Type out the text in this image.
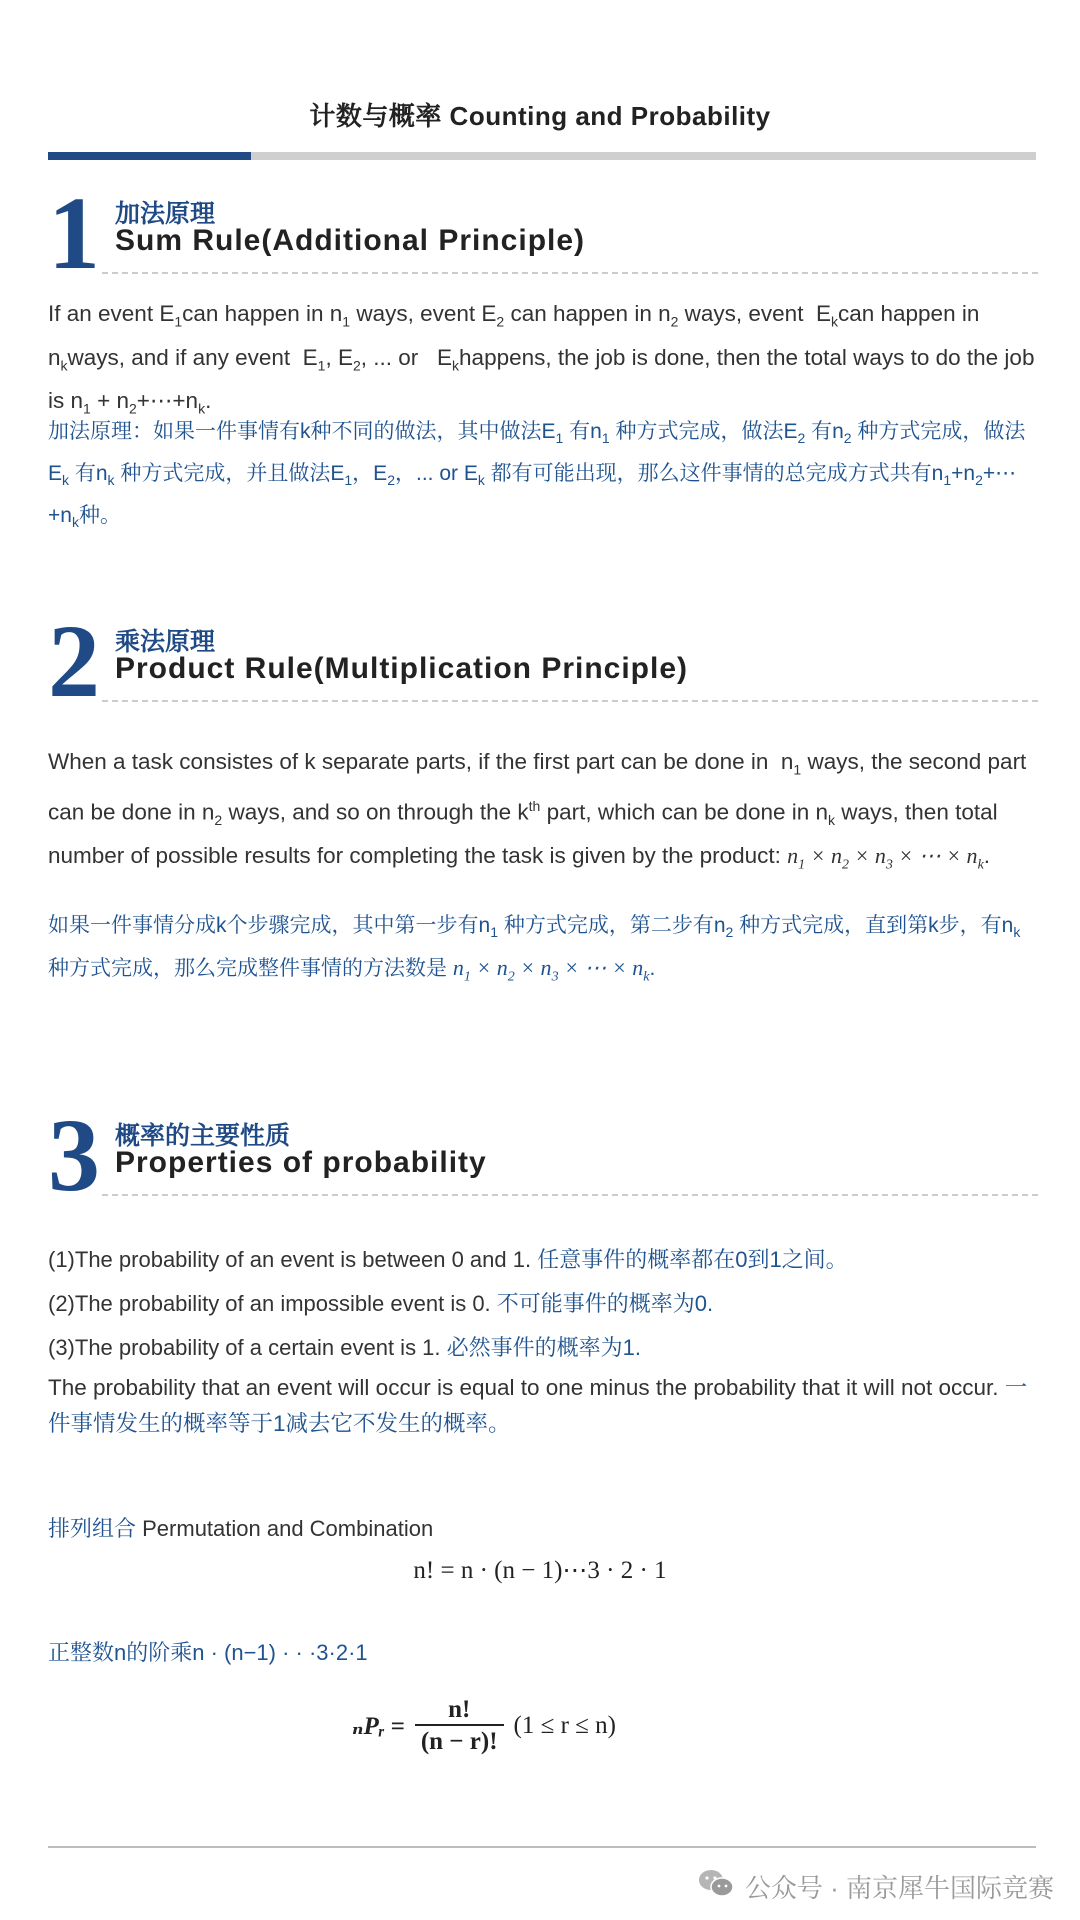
计数与概率 Counting and Probability
1 加法原理
Sum Rule(Additional Principle)
If an event $E_1can$ happen in $n_1$ ways, event $E_2$ can happen in $n_2$ ways, event  $E_kcan$ happen in  $n_kways$, and if any event  $E_1$, $E_2$, ... or   $E_khappens$, the job is done, then the total ways to do the job is $n_1$ + $n_2+\cdots+n_k$.
加法原理：如果一件事情有k种不同的做法，其中做法$E_1$ 有$n_1$ 种方式完成，做法$E_2$ 有$n_2$ 种方式完成，做法$E_k$ 有$n_k$ 种方式完成，并且做法$E_1$，$E_2$，... or $E_k$ 都有可能出现，那么这件事情的总完成方式共有$n_1+n_2+\cdots+n_k$种。
2 乘法原理
Product Rule(Multiplication Principle)
When a task consistes of k separate parts, if the first part can be done in  $n_1$ ways, the second part can be done in $n_2$ ways, and so on through the $k^{th}$ part, which can be done in $n_k$ ways, then total number of possible results for completing the task is given by the product: $n_1 \times n_2 \times n_3$ × ⋯ × $n_k$.
如果一件事情分成k个步骤完成，其中第一步有$n_1$ 种方式完成，第二步有$n_2$ 种方式完成，直到第k步，有$n_k$种方式完成，那么完成整件事情的方法数是 $n_1 \times n_2 \times n_3$ × ⋯ × $n_k$.
3 概率的主要性质
Properties of probability
(1)The probability of an event is between 0 and 1. 任意事件的概率都在0到1之间。
(2)The probability of an impossible event is 0. 不可能事件的概率为0.
(3)The probability of a certain event is 1. 必然事件的概率为1.
The probability that an event will occur is equal to one minus the probability that it will not occur. 一件事情发生的概率等于1减去它不发生的概率。
排列组合 Permutation and Combination
n! = n · (n − 1)⋯3 · 2 · 1
正整数n的阶乘n · (n−1) · · ·3·2·1
ₙPᵣ = $\frac{n!}{(n - r)!} (1 \le r \le n)$
公众号 · 南京犀牛国际竞赛
